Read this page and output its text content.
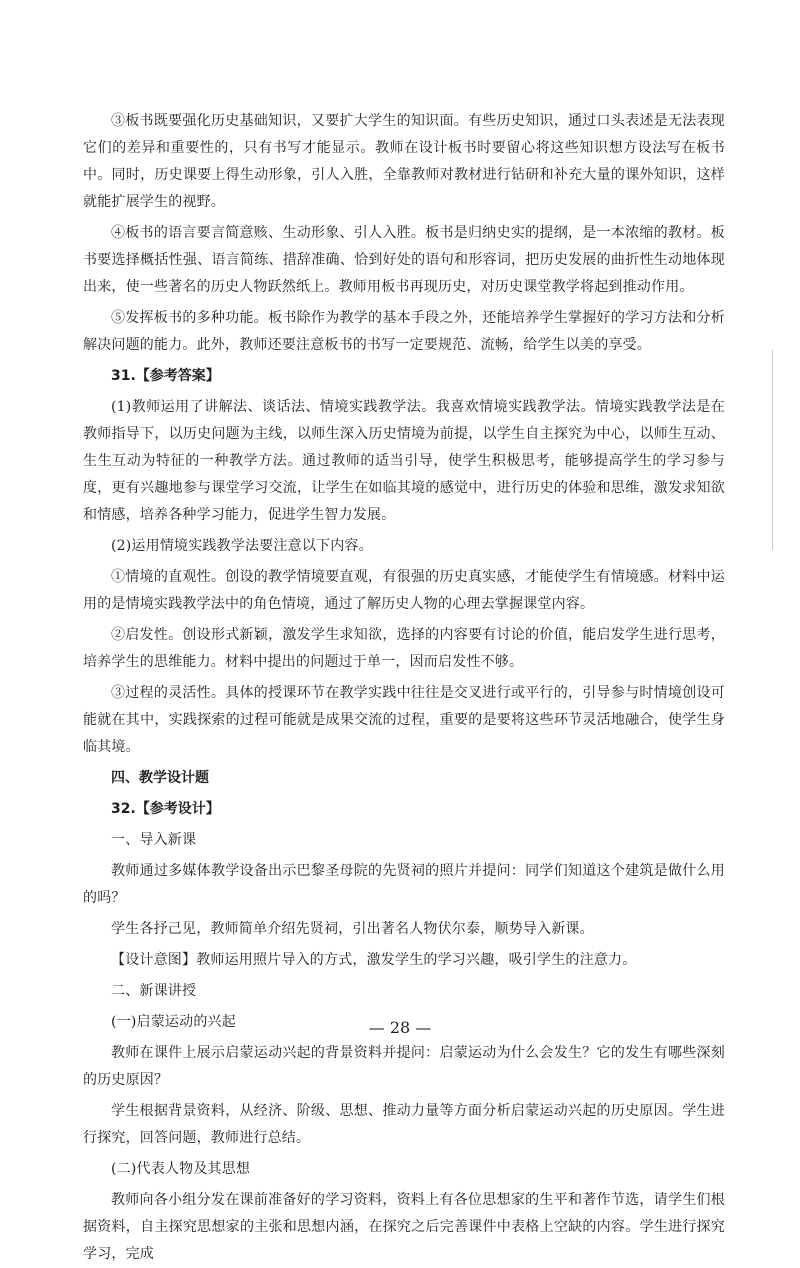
③板书既要强化历史基础知识，又要扩大学生的知识面。有些历史知识，通过口头表述是无法表现它们的差异和重要性的，只有书写才能显示。教师在设计板书时要留心将这些知识想方设法写在板书中。同时，历史课要上得生动形象，引人入胜，全靠教师对教材进行钻研和补充大量的课外知识，这样就能扩展学生的视野。

④板书的语言要言简意赅、生动形象、引人入胜。板书是归纳史实的提纲，是一本浓缩的教材。板书要选择概括性强、语言简练、措辞准确、恰到好处的语句和形容词，把历史发展的曲折性生动地体现出来，使一些著名的历史人物跃然纸上。教师用板书再现历史，对历史课堂教学将起到推动作用。

⑤发挥板书的多种功能。板书除作为教学的基本手段之外，还能培养学生掌握好的学习方法和分析解决问题的能力。此外，教师还要注意板书的书写一定要规范、流畅，给学生以美的享受。

31.【参考答案】

(1)教师运用了讲解法、谈话法、情境实践教学法。我喜欢情境实践教学法。情境实践教学法是在教师指导下，以历史问题为主线，以师生深入历史情境为前提，以学生自主探究为中心，以师生互动、生生互动为特征的一种教学方法。通过教师的适当引导，使学生积极思考，能够提高学生的学习参与度，更有兴趣地参与课堂学习交流，让学生在如临其境的感觉中，进行历史的体验和思维，激发求知欲和情感，培养各种学习能力，促进学生智力发展。

(2)运用情境实践教学法要注意以下内容。

①情境的直观性。创设的教学情境要直观，有很强的历史真实感，才能使学生有情境感。材料中运用的是情境实践教学法中的角色情境，通过了解历史人物的心理去掌握课堂内容。

②启发性。创设形式新颖，激发学生求知欲，选择的内容要有讨论的价值，能启发学生进行思考，培养学生的思维能力。材料中提出的问题过于单一，因而启发性不够。

③过程的灵活性。具体的授课环节在教学实践中往往是交叉进行或平行的，引导参与时情境创设可能就在其中，实践探索的过程可能就是成果交流的过程，重要的是要将这些环节灵活地融合，使学生身临其境。

四、教学设计题

32.【参考设计】

一、导入新课

教师通过多媒体教学设备出示巴黎圣母院的先贤祠的照片并提问：同学们知道这个建筑是做什么用的吗？

学生各抒己见，教师简单介绍先贤祠，引出著名人物伏尔泰，顺势导入新课。

【设计意图】教师运用照片导入的方式，激发学生的学习兴趣，吸引学生的注意力。

二、新课讲授

(一)启蒙运动的兴起

教师在课件上展示启蒙运动兴起的背景资料并提问：启蒙运动为什么会发生？它的发生有哪些深刻的历史原因？

学生根据背景资料，从经济、阶级、思想、推动力量等方面分析启蒙运动兴起的历史原因。学生进行探究，回答问题，教师进行总结。

(二)代表人物及其思想

教师向各小组分发在课前准备好的学习资料，资料上有各位思想家的生平和著作节选，请学生们根据资料，自主探究思想家的主张和思想内涵，在探究之后完善课件中表格上空缺的内容。学生进行探究学习，完成

— 28 —
